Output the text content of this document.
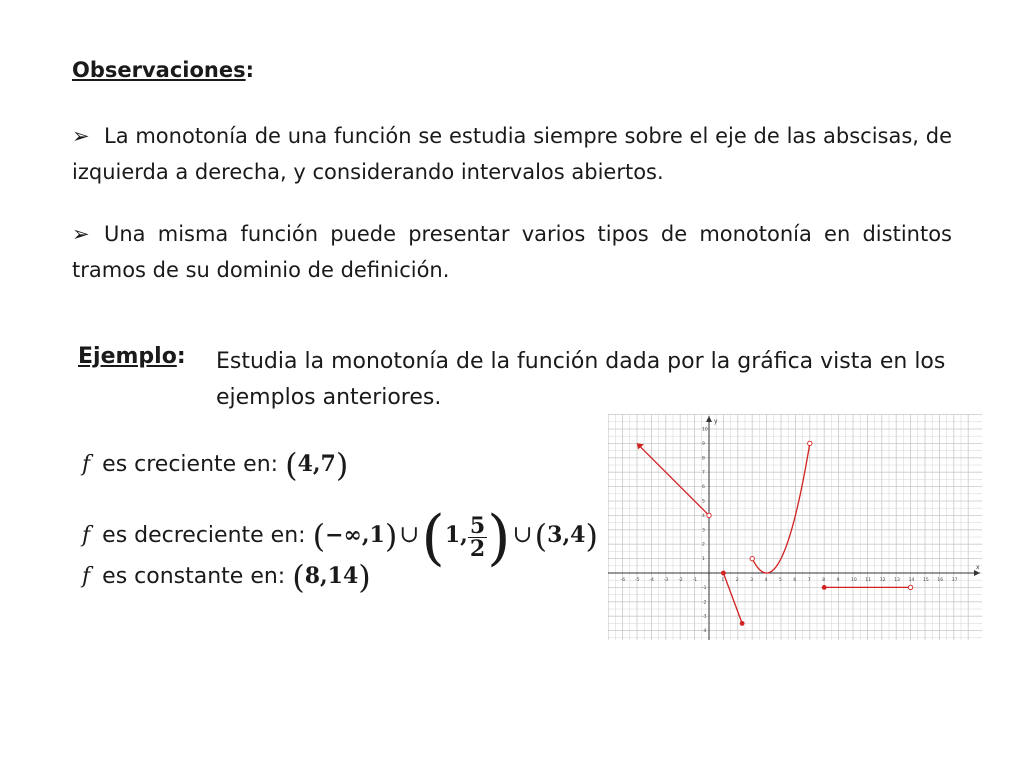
Observaciones:
➢ La monotonía de una función se estudia siempre sobre el eje de las abscisas, de izquierda a derecha, y considerando intervalos abiertos.
➢ Una misma función puede presentar varios tipos de monotonía en distintos tramos de su dominio de definición.
Ejemplo: Estudia la monotonía de la función dada por la gráfica vista en los ejemplos anteriores.
f es creciente en: (4,7)
f es decreciente en: (−∞,1)∪(1, $\frac{5}{2}$ )∪(3,4)
f es constante en: (8,14)
y
x
-6 -5 -4 -3 -2 -1	1	2	3	4	5	6	7	8	9	10 11 12 13 14 15 16 17
10
9
8
7
6
5
4
3
2
1
-1
-2
-3
-4
